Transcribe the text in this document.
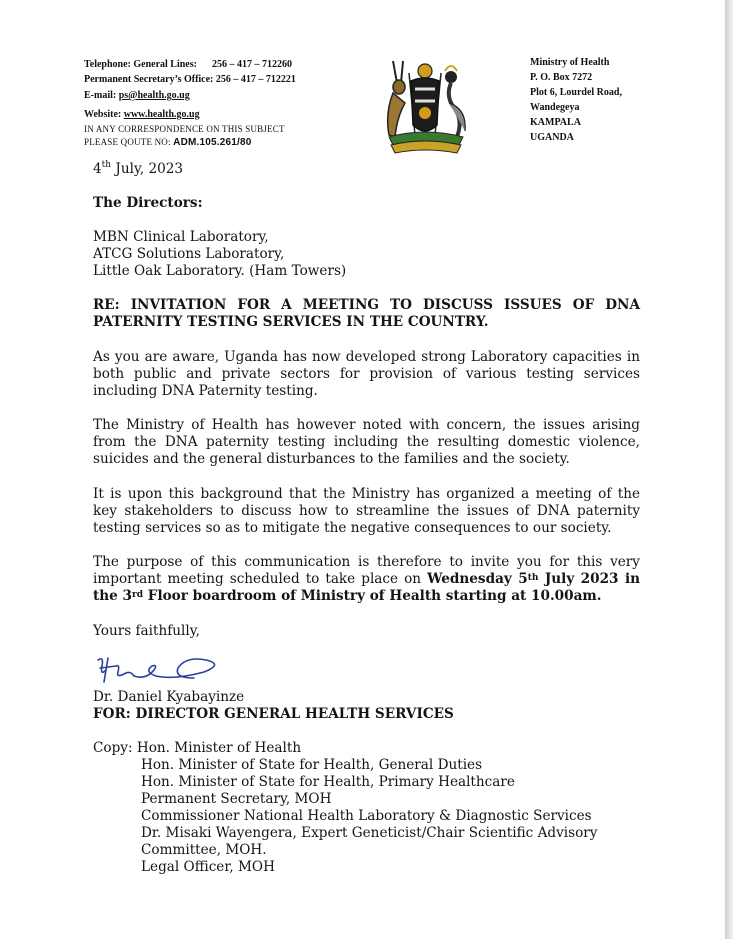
Telephone: General Lines: 256 – 417 – 712260
Permanent Secretary’s Office: 256 – 417 – 712221
E-mail: ps@health.go.ug
Website: www.health.go.ug
IN ANY CORRESPONDENCE ON THIS SUBJECT
PLEASE QOUTE NO: ADM.105.261/80
Ministry of Health
P. O. Box 7272
Plot 6, Lourdel Road,
Wandegeya
KAMPALA
UGANDA
4th July, 2023
The Directors:
MBN Clinical Laboratory,
ATCG Solutions Laboratory,
Little Oak Laboratory. (Ham Towers)
RE: INVITATION FOR A MEETING TO DISCUSS ISSUES OF DNA PATERNITY TESTING SERVICES IN THE COUNTRY.
As you are aware, Uganda has now developed strong Laboratory capacities in both public and private sectors for provision of various testing services including DNA Paternity testing.
The Ministry of Health has however noted with concern, the issues arising from the DNA paternity testing including the resulting domestic violence, suicides and the general disturbances to the families and the society.
It is upon this background that the Ministry has organized a meeting of the key stakeholders to discuss how to streamline the issues of DNA paternity testing services so as to mitigate the negative consequences to our society.
The purpose of this communication is therefore to invite you for this very important meeting scheduled to take place on Wednesday 5th July 2023 in the 3rd Floor boardroom of Ministry of Health starting at 10.00am.
Yours faithfully,
Dr. Daniel Kyabayinze
FOR: DIRECTOR GENERAL HEALTH SERVICES
Copy: Hon. Minister of Health
Hon. Minister of State for Health, General Duties
Hon. Minister of State for Health, Primary Healthcare
Permanent Secretary, MOH
Commissioner National Health Laboratory & Diagnostic Services
Dr. Misaki Wayengera, Expert Geneticist/Chair Scientific Advisory
Committee, MOH.
Legal Officer, MOH
